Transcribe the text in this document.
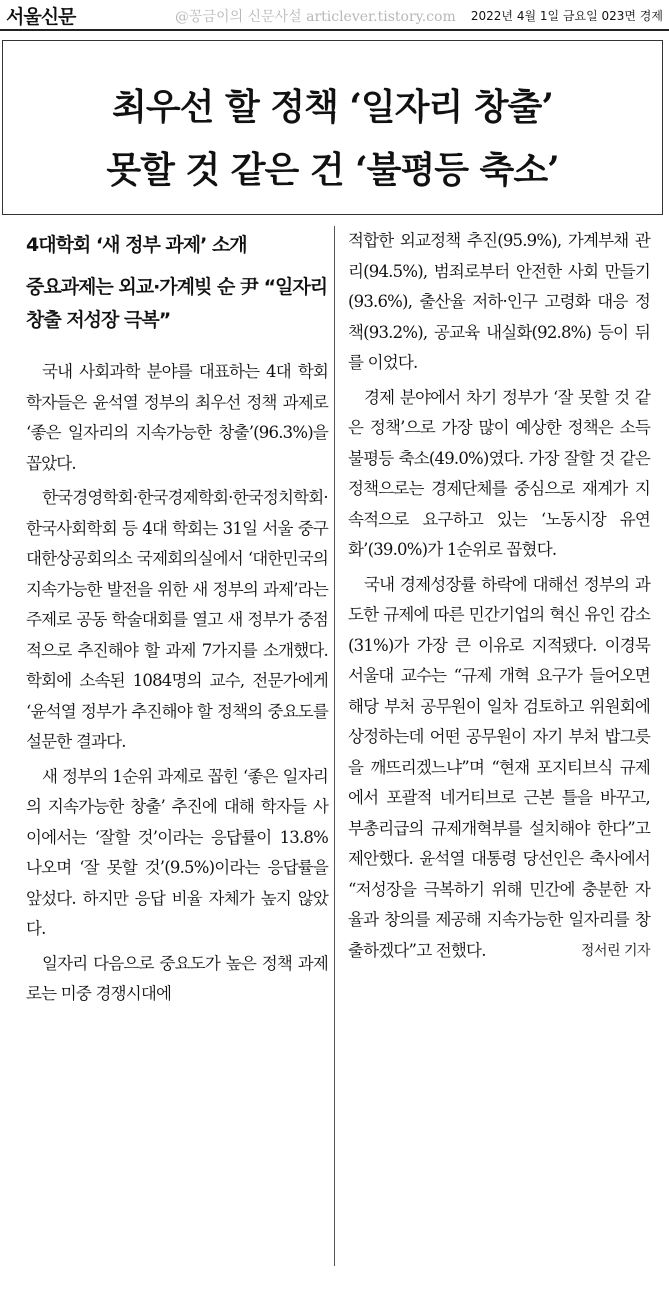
서울신문	@꽁금이의 신문사설 articlever.tistory.com 2022년 4월 1일 금요일 023면 경제
최우선 할 정책 ‘일자리 창출’
못할 것 같은 건 ‘불평등 축소’
4대학회 ‘새 정부 과제’ 소개
중요과제는 외교·가계빚 순 尹 “일자리 창출 저성장 극복”

국내 사회과학 분야를 대표하는 4대 학회 학자들은 윤석열 정부의 최우선 정책 과제로 ‘좋은 일자리의 지속가능한 창출’(96.3%)을 꼽았다.

한국경영학회·한국경제학회·한국정치학회·한국사회학회 등 4대 학회는 31일 서울 중구 대한상공회의소 국제회의실에서 ‘대한민국의 지속가능한 발전을 위한 새 정부의 과제’라는 주제로 공동 학술대회를 열고 새 정부가 중점적으로 추진해야 할 과제 7가지를 소개했다. 학회에 소속된 1084명의 교수, 전문가에게 ‘윤석열 정부가 추진해야 할 정책의 중요도를 설문한 결과다.

새 정부의 1순위 과제로 꼽힌 ‘좋은 일자리의 지속가능한 창출’ 추진에 대해 학자들 사이에서는 ‘잘할 것’이라는 응답률이 13.8% 나오며 ‘잘 못할 것’(9.5%)이라는 응답률을 앞섰다. 하지만 응답 비율 자체가 높지 않았다.

일자리 다음으로 중요도가 높은 정책 과제로는 미중 경쟁시대에

적합한 외교정책 추진(95.9%), 가계부채 관리(94.5%), 범죄로부터 안전한 사회 만들기(93.6%), 출산율 저하·인구 고령화 대응 정책(93.2%), 공교육 내실화(92.8%) 등이 뒤를 이었다.

경제 분야에서 차기 정부가 ‘잘 못할 것 같은 정책’으로 가장 많이 예상한 정책은 소득 불평등 축소(49.0%)였다. 가장 잘할 것 같은 정책으로는 경제단체를 중심으로 재계가 지속적으로 요구하고 있는 ‘노동시장 유연화’(39.0%)가 1순위로 꼽혔다.

국내 경제성장률 하락에 대해선 정부의 과도한 규제에 따른 민간기업의 혁신 유인 감소(31%)가 가장 큰 이유로 지적됐다. 이경묵 서울대 교수는 “규제 개혁 요구가 들어오면 해당 부처 공무원이 일차 검토하고 위원회에 상정하는데 어떤 공무원이 자기 부처 밥그릇을 깨뜨리겠느냐”며 “현재 포지티브식 규제에서 포괄적 네거티브로 근본 틀을 바꾸고, 부총리급의 규제개혁부를 설치해야 한다”고 제안했다. 윤석열 대통령 당선인은 축사에서 “저성장을 극복하기 위해 민간에 충분한 자율과 창의를 제공해 지속가능한 일자리를 창출하겠다”고 전했다.	정서린 기자
